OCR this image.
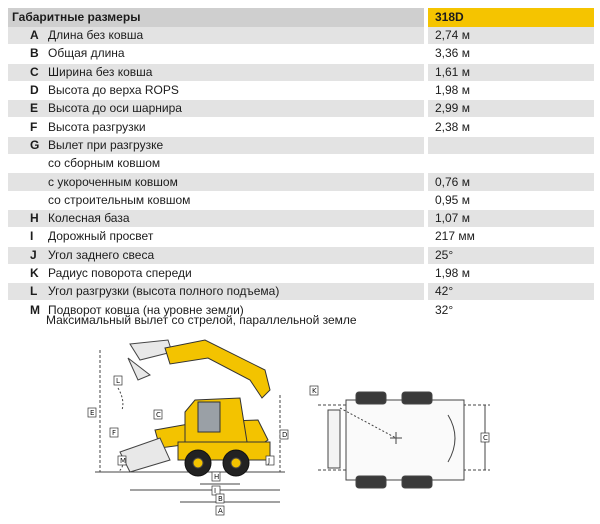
Габаритные размеры			318D
A	Длина без ковша		2,74 м
B	Общая длина		3,36 м
C	Ширина без ковша		1,61 м
D	Высота до верха ROPS		1,98 м
E	Высота до оси шарнира		2,99 м
F	Высота разгрузки		2,38 м
G	Вылет при разгрузке		
	со сборным ковшом		
	с укороченным ковшом		0,76 м
	со строительным ковшом		0,95 м
H	Колесная база		1,07 м
I	Дорожный просвет		217 мм
J	Угол заднего свеса		25°
K	Радиус поворота спереди		1,98 м
L	Угол разгрузки (высота полного подъема)		42°
M	Подворот ковша (на уровне земли)		32°
Максимальный вылет со стрелой, параллельной земле
L
E	C
F	D
M	J
H
I
B
A
K
C
